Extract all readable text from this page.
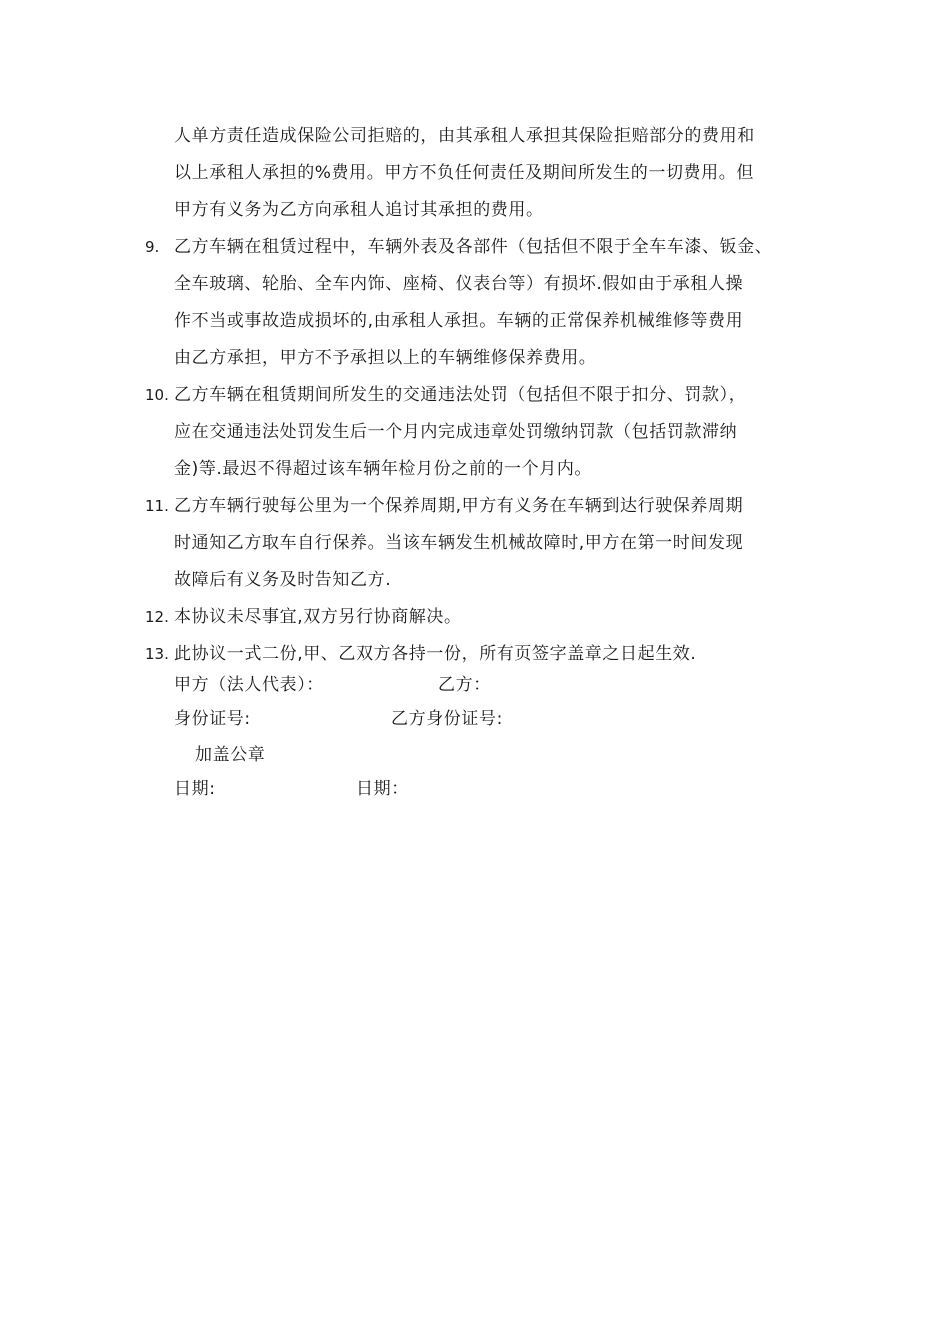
人单方责任造成保险公司拒赔的，由其承租人承担其保险拒赔部分的费用和
以上承租人承担的%费用。甲方不负任何责任及期间所发生的一切费用。但
甲方有义务为乙方向承租人追讨其承担的费用。
9. 乙方车辆在租赁过程中，车辆外表及各部件（包括但不限于全车车漆、钣金、
全车玻璃、轮胎、全车内饰、座椅、仪表台等）有损坏.假如由于承租人操
作不当或事故造成损坏的,由承租人承担。车辆的正常保养机械维修等费用
由乙方承担，甲方不予承担以上的车辆维修保养费用。
10. 乙方车辆在租赁期间所发生的交通违法处罚（包括但不限于扣分、罚款），
应在交通违法处罚发生后一个月内完成违章处罚缴纳罚款（包括罚款滞纳
金)等.最迟不得超过该车辆年检月份之前的一个月内。
11. 乙方车辆行驶每公里为一个保养周期,甲方有义务在车辆到达行驶保养周期
时通知乙方取车自行保养。当该车辆发生机械故障时,甲方在第一时间发现
故障后有义务及时告知乙方.
12. 本协议未尽事宜,双方另行协商解决。
13. 此协议一式二份,甲、乙双方各持一份，所有页签字盖章之日起生效.
甲方（法人代表）：	乙方：
身份证号:	乙方身份证号:
加盖公章
日期:	日期：
